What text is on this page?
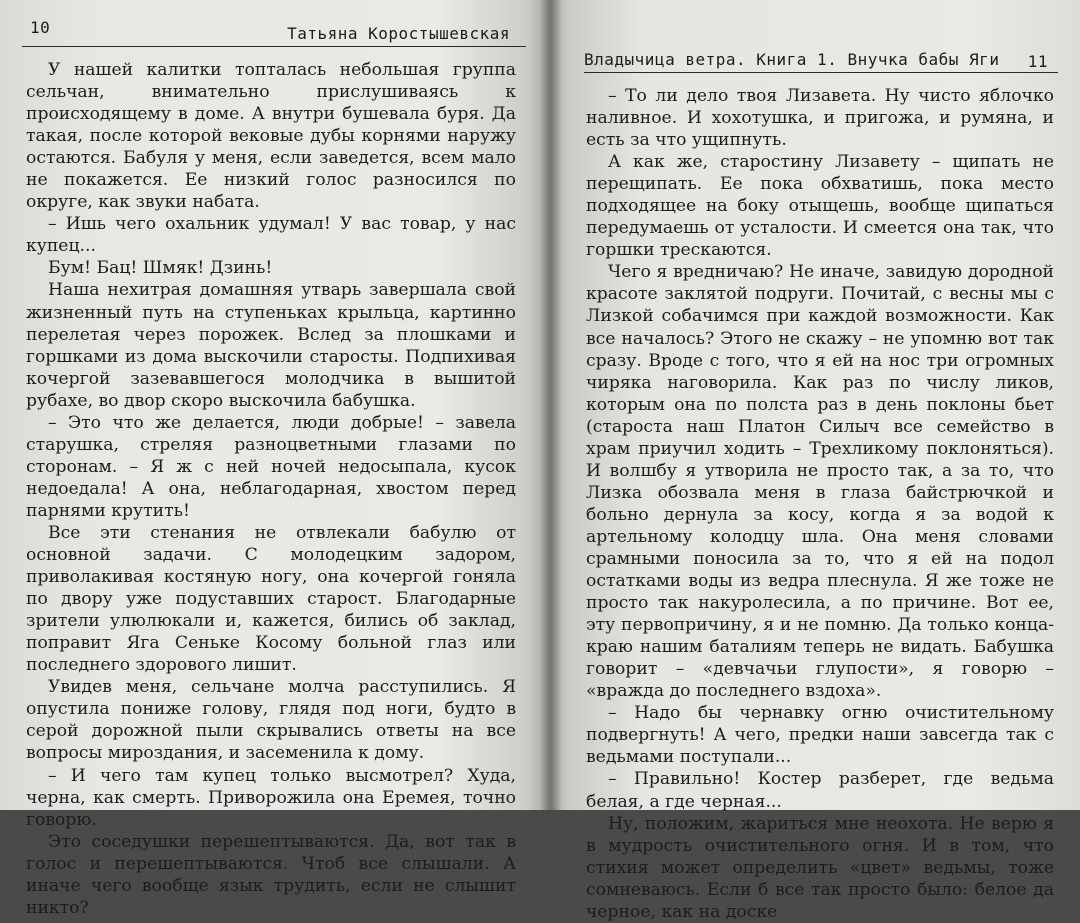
10	Татьяна Коростышевская

У нашей калитки топталась небольшая группа сельчан, внимательно прислушиваясь к происходящему в доме. А внутри бушевала буря. Да такая, после которой вековые дубы корнями наружу остаются. Бабуля у меня, если заведется, всем мало не покажется. Ее низкий голос разносился по округе, как звуки набата.

– Ишь чего охальник удумал! У вас товар, у нас купец...

Бум! Бац! Шмяк! Дзинь!

Наша нехитрая домашняя утварь завершала свой жизненный путь на ступеньках крыльца, картинно перелетая через порожек. Вслед за плошками и горшками из дома выскочили старосты. Подпихивая кочергой зазевавшегося молодчика в вышитой рубахе, во двор скоро выскочила бабушка.

– Это что же делается, люди добрые! – завела старушка, стреляя разноцветными глазами по сторонам. – Я ж с ней ночей недосыпала, кусок недоедала! А она, неблагодарная, хвостом перед парнями крутить!

Все эти стенания не отвлекали бабулю от основной задачи. С молодецким задором, приволакивая костяную ногу, она кочергой гоняла по двору уже подуставших старост. Благодарные зрители улюлюкали и, кажется, бились об заклад, поправит Яга Сеньке Косому больной глаз или последнего здорового лишит.

Увидев меня, сельчане молча расступились. Я опустила пониже голову, глядя под ноги, будто в серой дорожной пыли скрывались ответы на все вопросы мироздания, и засеменила к дому.

– И чего там купец только высмотрел? Худа, черна, как смерть. Приворожила она Еремея, точно говорю.

Это соседушки перешептываются. Да, вот так в голос и перешептываются. Чтоб все слышали. А иначе чего вообще язык трудить, если не слышит никто?

Владычица ветра. Книга 1. Внучка бабы Яги 11

– То ли дело твоя Лизавета. Ну чисто яблочко наливное. И хохотушка, и пригожа, и румяна, и есть за что ущипнуть.

А как же, старостину Лизавету – щипать не перещипать. Ее пока обхватишь, пока место подходящее на боку отыщешь, вообще щипаться передумаешь от усталости. И смеется она так, что горшки трескаются.

Чего я вредничаю? Не иначе, завидую дородной красоте заклятой подруги. Почитай, с весны мы с Лизкой собачимся при каждой возможности. Как все началось? Этого не скажу – не упомню вот так сразу. Вроде с того, что я ей на нос три огромных чиряка наговорила. Как раз по числу ликов, которым она по полста раз в день поклоны бьет (староста наш Платон Силыч все семейство в храм приучил ходить – Трехликому поклоняться). И волшбу я утворила не просто так, а за то, что Лизка обозвала меня в глаза байстрючкой и больно дернула за косу, когда я за водой к артельному колодцу шла. Она меня словами срамными поносила за то, что я ей на подол остатками воды из ведра плеснула. Я же тоже не просто так накуролесила, а по причине. Вот ее, эту первопричину, я и не помню. Да только конца-краю нашим баталиям теперь не видать. Бабушка говорит – «девчачьи глупости», я говорю – «вражда до последнего вздоха».

– Надо бы чернавку огню очистительному подвергнуть! А чего, предки наши завсегда так с ведьмами поступали...

– Правильно! Костер разберет, где ведьма белая, а где черная...

Ну, положим, жариться мне неохота. Не верю я в мудрость очистительного огня. И в том, что стихия может определить «цвет» ведьмы, тоже сомневаюсь. Если б все так просто было: белое да черное, как на доске
